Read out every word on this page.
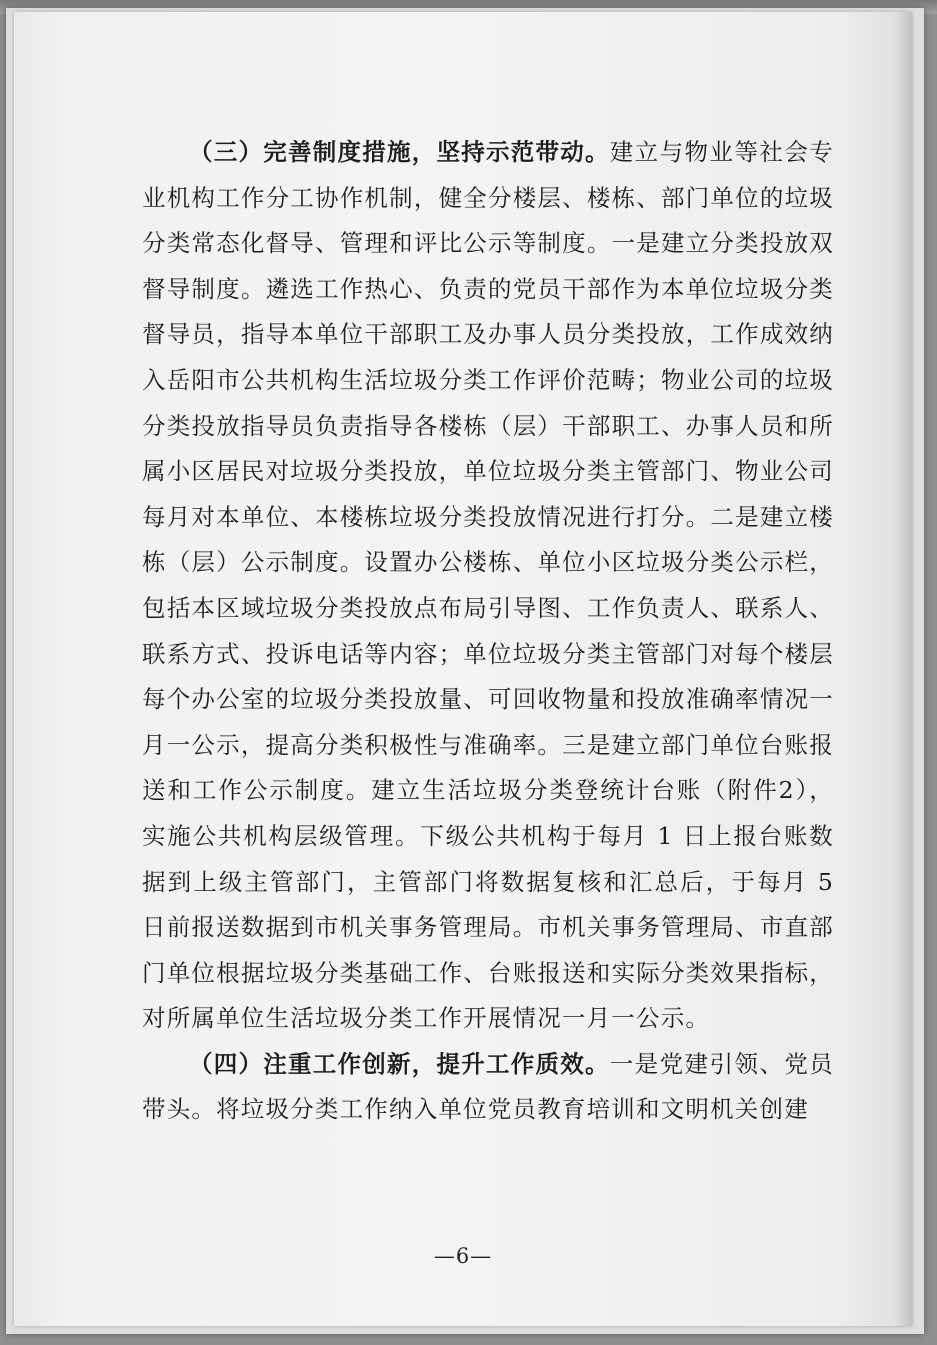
（三）完善制度措施，坚持示范带动。建立与物业等社会专业机构工作分工协作机制，健全分楼层、楼栋、部门单位的垃圾分类常态化督导、管理和评比公示等制度。一是建立分类投放双督导制度。遴选工作热心、负责的党员干部作为本单位垃圾分类督导员，指导本单位干部职工及办事人员分类投放，工作成效纳入岳阳市公共机构生活垃圾分类工作评价范畴；物业公司的垃圾分类投放指导员负责指导各楼栋（层）干部职工、办事人员和所属小区居民对垃圾分类投放，单位垃圾分类主管部门、物业公司每月对本单位、本楼栋垃圾分类投放情况进行打分。二是建立楼栋（层）公示制度。设置办公楼栋、单位小区垃圾分类公示栏，包括本区域垃圾分类投放点布局引导图、工作负责人、联系人、联系方式、投诉电话等内容；单位垃圾分类主管部门对每个楼层每个办公室的垃圾分类投放量、可回收物量和投放准确率情况一月一公示，提高分类积极性与准确率。三是建立部门单位台账报送和工作公示制度。建立生活垃圾分类登统计台账（附件2），实施公共机构层级管理。下级公共机构于每月 1 日上报台账数据到上级主管部门，主管部门将数据复核和汇总后，于每月 5 日前报送数据到市机关事务管理局。市机关事务管理局、市直部门单位根据垃圾分类基础工作、台账报送和实际分类效果指标，对所属单位生活垃圾分类工作开展情况一月一公示。

（四）注重工作创新，提升工作质效。一是党建引领、党员带头。将垃圾分类工作纳入单位党员教育培训和文明机关创建

—6—
